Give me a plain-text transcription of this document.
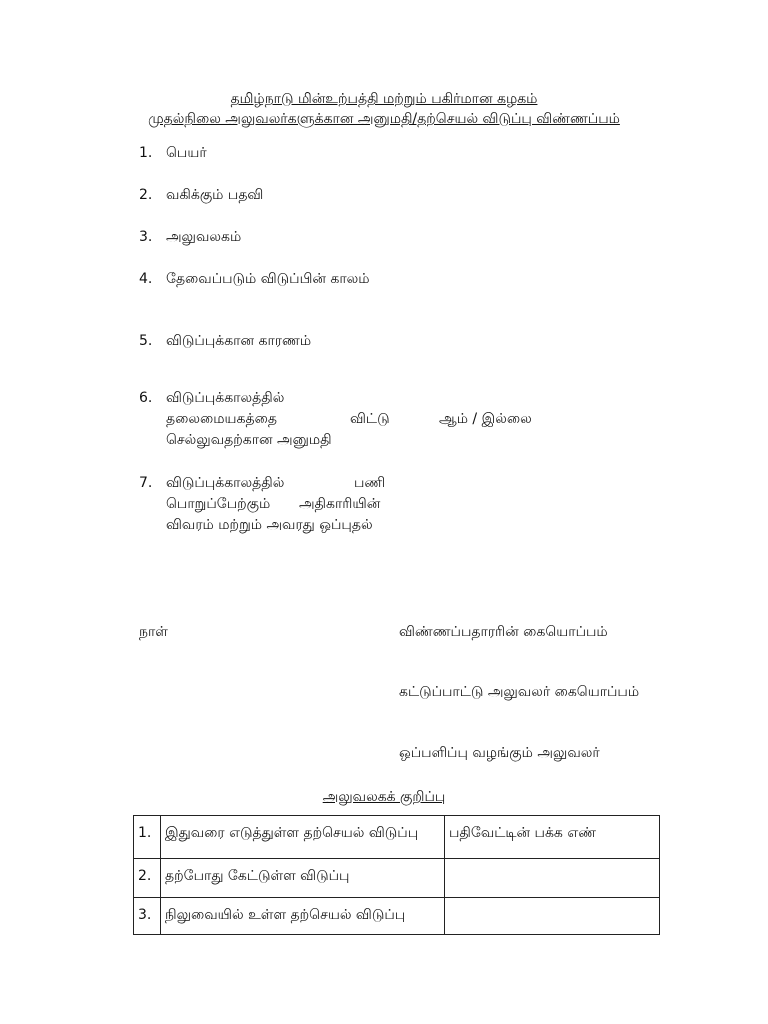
தமிழ்நாடு மின்உற்பத்தி மற்றும் பகிர்மான கழகம்
முதல்நிலை அலுவலர்களுக்கான அனுமதி/தற்செயல் விடுப்பு விண்ணப்பம்
1. பெயர்
2. வகிக்கும் பதவி
3. அலுவலகம்
4. தேவைப்படும் விடுப்பின் காலம்
5. விடுப்புக்கான காரணம்
6. விடுப்புக்காலத்தில்
தலைமையகத்தை	விட்டு	ஆம் / இல்லை
செல்லுவதற்கான அனுமதி
7. விடுப்புக்காலத்தில்	பணி
பொறுப்பேற்கும் அதிகாரியின்
விவரம் மற்றும் அவரது ஒப்புதல்
நாள்	விண்ணப்பதாரரின் கையொப்பம்
கட்டுப்பாட்டு அலுவலர் கையொப்பம்
ஒப்பளிப்பு வழங்கும் அலுவலர்
அலுவலகக் குறிப்பு
1.	இதுவரை எடுத்துள்ள தற்செயல் விடுப்பு	பதிவேட்டின் பக்க எண்
2.	தற்போது கேட்டுள்ள விடுப்பு	
3.	நிலுவையில் உள்ள தற்செயல் விடுப்பு	
